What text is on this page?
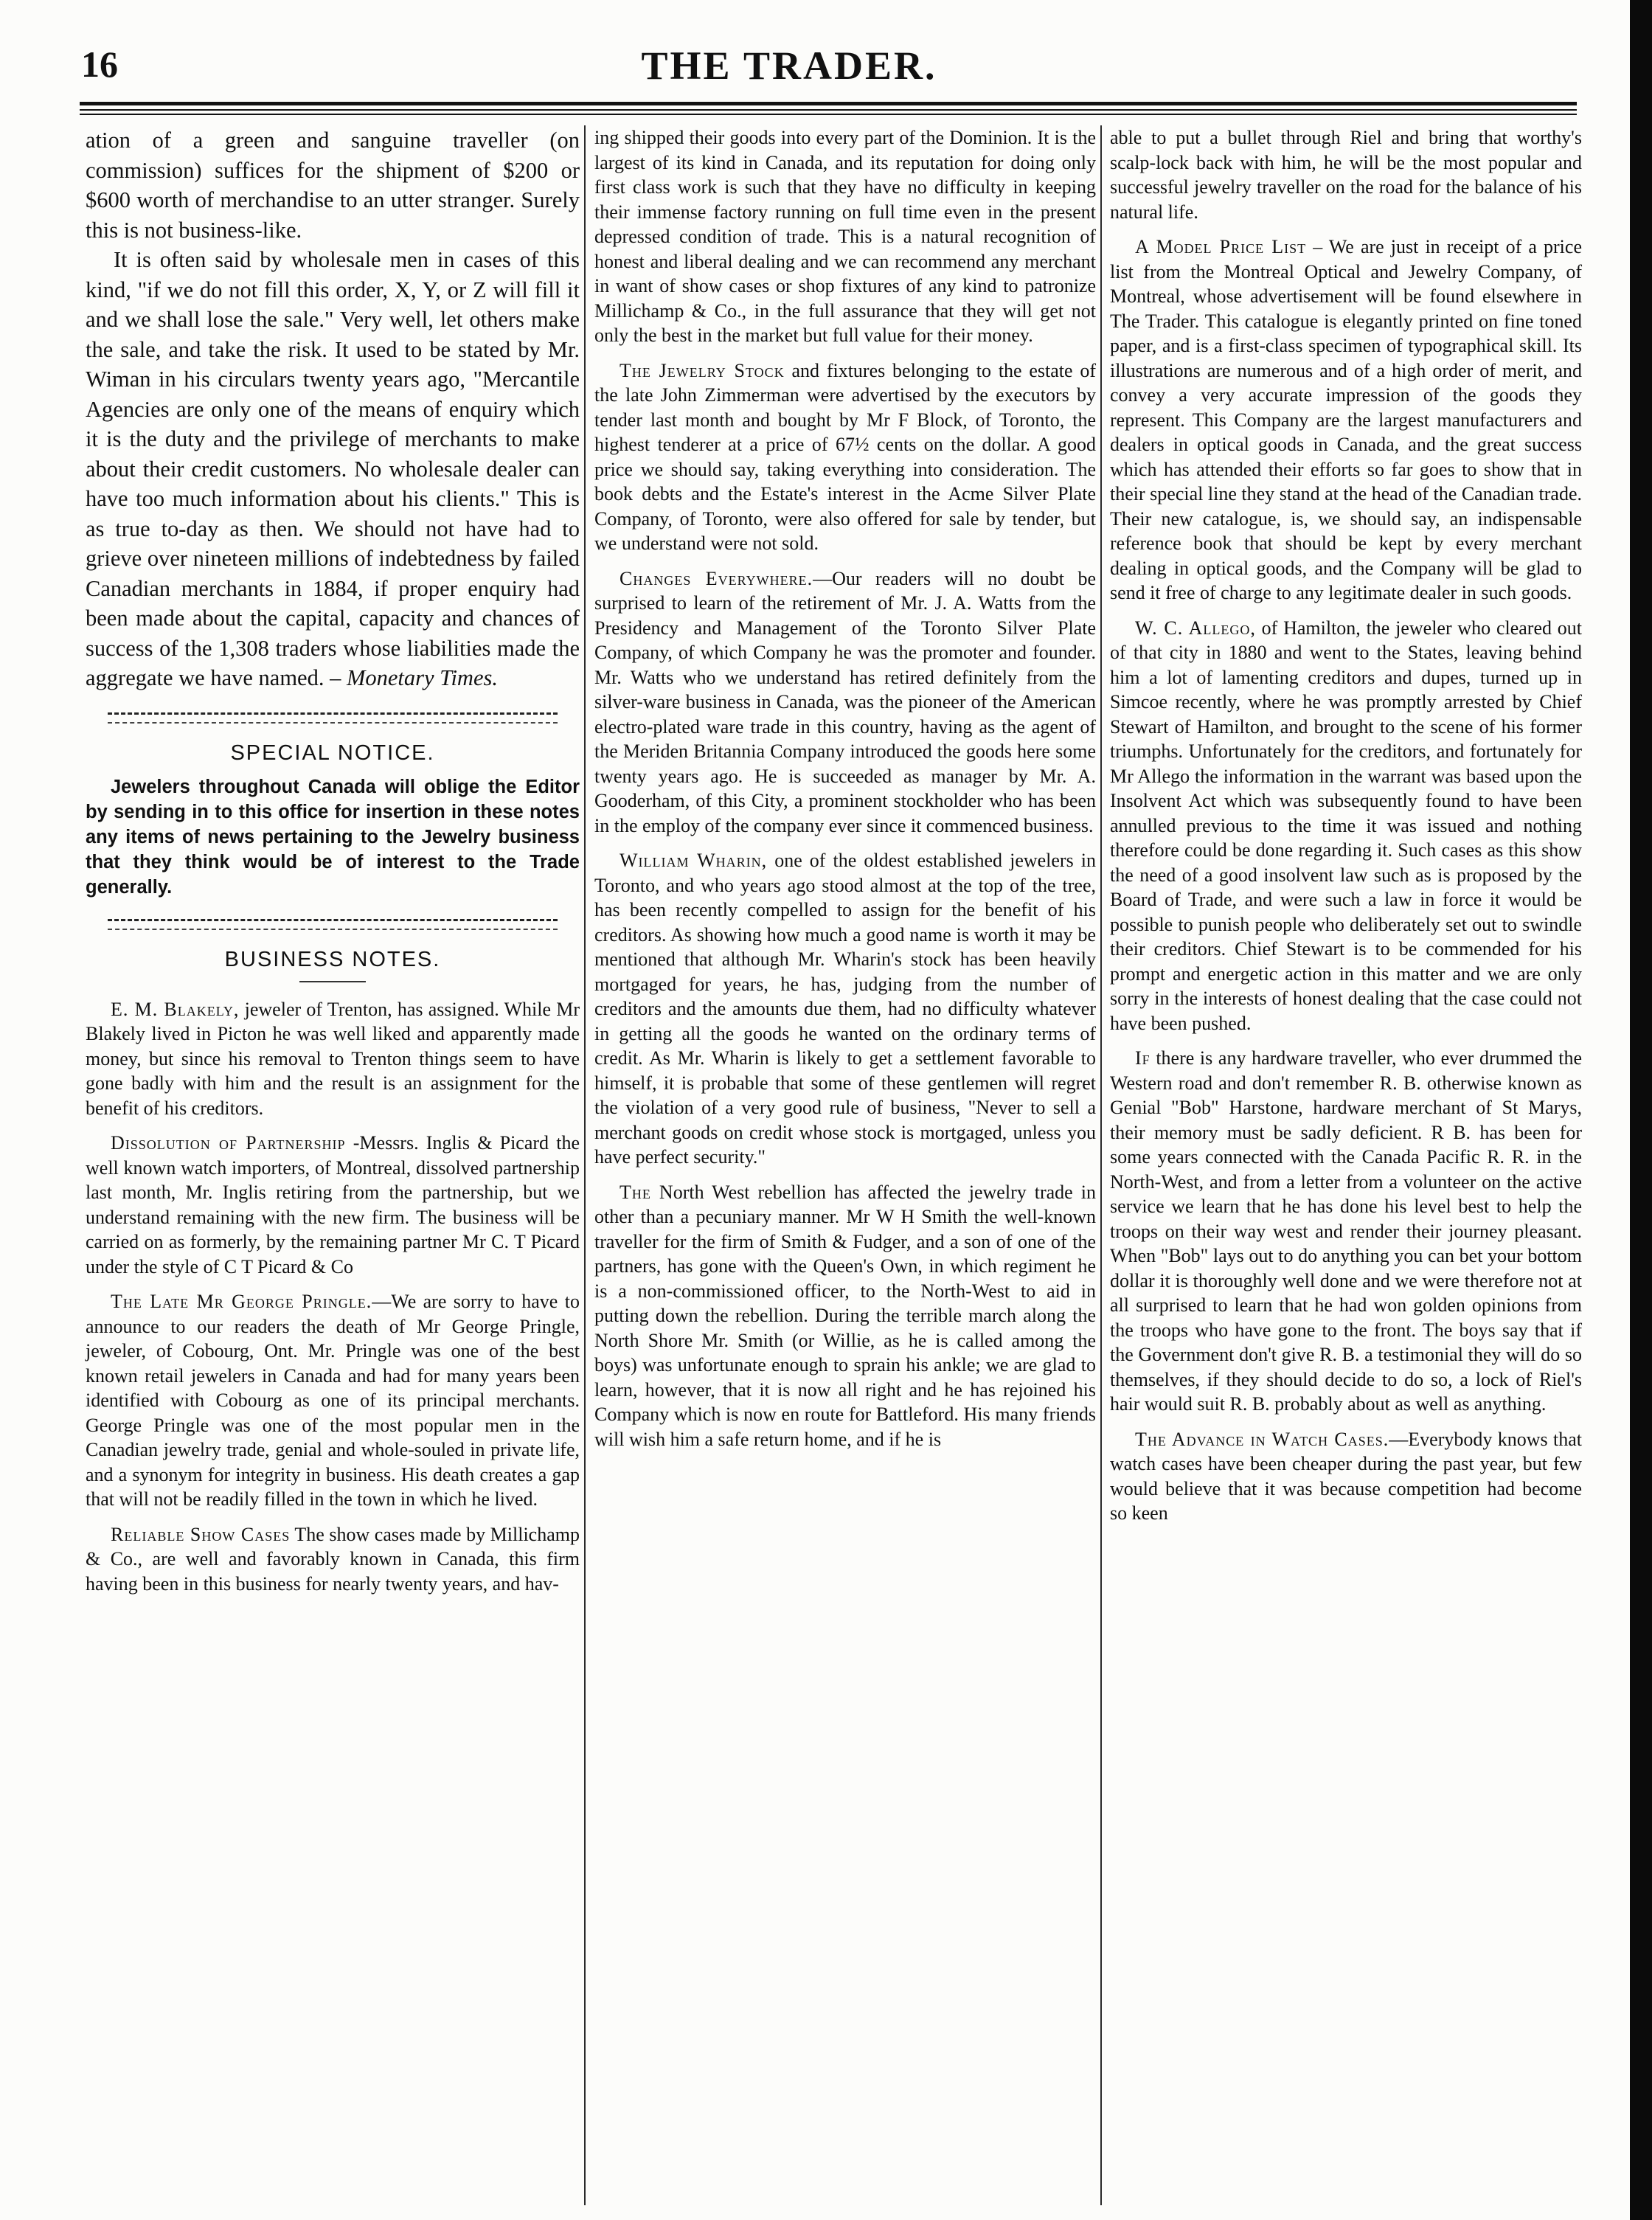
16	THE TRADER.

ation of a green and sanguine traveller (on commission) suffices for the shipment of $200 or $600 worth of merchandise to an utter stranger. Surely this is not business-like.

It is often said by wholesale men in cases of this kind, "if we do not fill this order, X, Y, or Z will fill it and we shall lose the sale." Very well, let others make the sale, and take the risk. It used to be stated by Mr. Wiman in his circulars twenty years ago, "Mercantile Agencies are only one of the means of enquiry which it is the duty and the privilege of merchants to make about their credit customers. No wholesale dealer can have too much information about his clients." This is as true to-day as then. We should not have had to grieve over nineteen millions of indebtedness by failed Canadian merchants in 1884, if proper enquiry had been made about the capital, capacity and chances of success of the 1,308 traders whose liabilities made the aggregate we have named. – Monetary Times.

SPECIAL NOTICE.

Jewelers throughout Canada will oblige the Editor by sending in to this office for insertion in these notes any items of news pertaining to the Jewelry business that they think would be of interest to the Trade generally.

BUSINESS NOTES.

E. M. Blakely, jeweler of Trenton, has assigned. While Mr Blakely lived in Picton he was well liked and apparently made money, but since his removal to Trenton things seem to have gone badly with him and the result is an assignment for the benefit of his creditors.

Dissolution of Partnership -Messrs. Inglis & Picard the well known watch importers, of Montreal, dissolved partnership last month, Mr. Inglis retiring from the partnership, but we understand remaining with the new firm. The business will be carried on as formerly, by the remaining partner Mr C. T Picard under the style of C T Picard & Co

The Late Mr George Pringle.—We are sorry to have to announce to our readers the death of Mr George Pringle, jeweler, of Cobourg, Ont. Mr. Pringle was one of the best known retail jewelers in Canada and had for many years been identified with Cobourg as one of its principal merchants. George Pringle was one of the most popular men in the Canadian jewelry trade, genial and whole-souled in private life, and a synonym for integrity in business. His death creates a gap that will not be readily filled in the town in which he lived.

Reliable Show Cases The show cases made by Millichamp & Co., are well and favorably known in Canada, this firm having been in this business for nearly twenty years, and hav-

ing shipped their goods into every part of the Dominion. It is the largest of its kind in Canada, and its reputation for doing only first class work is such that they have no difficulty in keeping their immense factory running on full time even in the present depressed condition of trade. This is a natural recognition of honest and liberal dealing and we can recommend any merchant in want of show cases or shop fixtures of any kind to patronize Millichamp & Co., in the full assurance that they will get not only the best in the market but full value for their money.

The Jewelry Stock and fixtures belonging to the estate of the late John Zimmerman were advertised by the executors by tender last month and bought by Mr F Block, of Toronto, the highest tenderer at a price of 67½ cents on the dollar. A good price we should say, taking everything into consideration. The book debts and the Estate's interest in the Acme Silver Plate Company, of Toronto, were also offered for sale by tender, but we understand were not sold.

Changes Everywhere.—Our readers will no doubt be surprised to learn of the retirement of Mr. J. A. Watts from the Presidency and Management of the Toronto Silver Plate Company, of which Company he was the promoter and founder. Mr. Watts who we understand has retired definitely from the silver-ware business in Canada, was the pioneer of the American electro-plated ware trade in this country, having as the agent of the Meriden Britannia Company introduced the goods here some twenty years ago. He is succeeded as manager by Mr. A. Gooderham, of this City, a prominent stockholder who has been in the employ of the company ever since it commenced business.

William Wharin, one of the oldest established jewelers in Toronto, and who years ago stood almost at the top of the tree, has been recently compelled to assign for the benefit of his creditors. As showing how much a good name is worth it may be mentioned that although Mr. Wharin's stock has been heavily mortgaged for years, he has, judging from the number of creditors and the amounts due them, had no difficulty whatever in getting all the goods he wanted on the ordinary terms of credit. As Mr. Wharin is likely to get a settlement favorable to himself, it is probable that some of these gentlemen will regret the violation of a very good rule of business, "Never to sell a merchant goods on credit whose stock is mortgaged, unless you have perfect security."

The North West rebellion has affected the jewelry trade in other than a pecuniary manner. Mr W H Smith the well-known traveller for the firm of Smith & Fudger, and a son of one of the partners, has gone with the Queen's Own, in which regiment he is a non-commissioned officer, to the North-West to aid in putting down the rebellion. During the terrible march along the North Shore Mr. Smith (or Willie, as he is called among the boys) was unfortunate enough to sprain his ankle; we are glad to learn, however, that it is now all right and he has rejoined his Company which is now en route for Battleford. His many friends will wish him a safe return home, and if he is

able to put a bullet through Riel and bring that worthy's scalp-lock back with him, he will be the most popular and successful jewelry traveller on the road for the balance of his natural life.

A Model Price List – We are just in receipt of a price list from the Montreal Optical and Jewelry Company, of Montreal, whose advertisement will be found elsewhere in The Trader. This catalogue is elegantly printed on fine toned paper, and is a first-class specimen of typographical skill. Its illustrations are numerous and of a high order of merit, and convey a very accurate impression of the goods they represent. This Company are the largest manufacturers and dealers in optical goods in Canada, and the great success which has attended their efforts so far goes to show that in their special line they stand at the head of the Canadian trade. Their new catalogue, is, we should say, an indispensable reference book that should be kept by every merchant dealing in optical goods, and the Company will be glad to send it free of charge to any legitimate dealer in such goods.

W. C. Allego, of Hamilton, the jeweler who cleared out of that city in 1880 and went to the States, leaving behind him a lot of lamenting creditors and dupes, turned up in Simcoe recently, where he was promptly arrested by Chief Stewart of Hamilton, and brought to the scene of his former triumphs. Unfortunately for the creditors, and fortunately for Mr Allego the information in the warrant was based upon the Insolvent Act which was subsequently found to have been annulled previous to the time it was issued and nothing therefore could be done regarding it. Such cases as this show the need of a good insolvent law such as is proposed by the Board of Trade, and were such a law in force it would be possible to punish people who deliberately set out to swindle their creditors. Chief Stewart is to be commended for his prompt and energetic action in this matter and we are only sorry in the interests of honest dealing that the case could not have been pushed.

If there is any hardware traveller, who ever drummed the Western road and don't remember R. B. otherwise known as Genial "Bob" Harstone, hardware merchant of St Marys, their memory must be sadly deficient. R B. has been for some years connected with the Canada Pacific R. R. in the North-West, and from a letter from a volunteer on the active service we learn that he has done his level best to help the troops on their way west and render their journey pleasant. When "Bob" lays out to do anything you can bet your bottom dollar it is thoroughly well done and we were therefore not at all surprised to learn that he had won golden opinions from the troops who have gone to the front. The boys say that if the Government don't give R. B. a testimonial they will do so themselves, if they should decide to do so, a lock of Riel's hair would suit R. B. probably about as well as anything.

The Advance in Watch Cases.—Everybody knows that watch cases have been cheaper during the past year, but few would believe that it was because competition had become so keen
